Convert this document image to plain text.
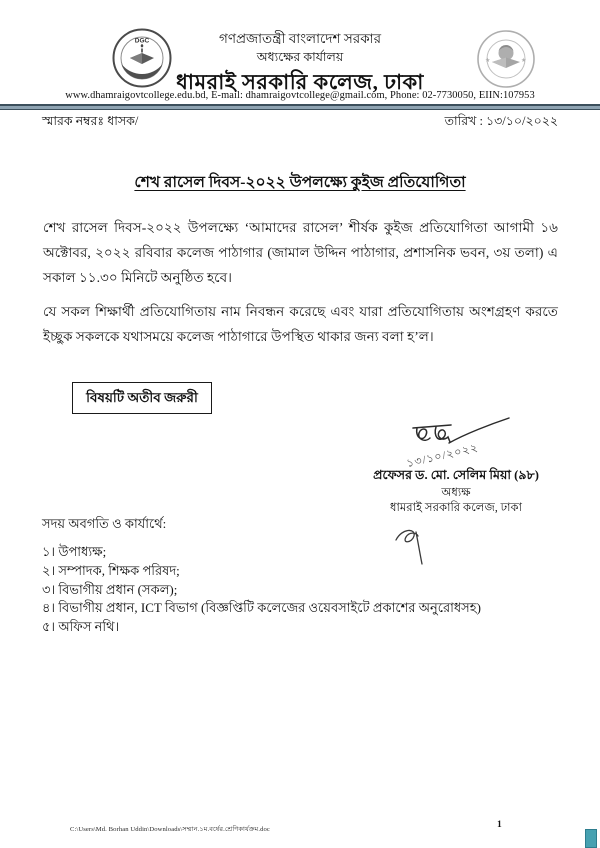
DGC
★	★
গণপ্রজাতন্ত্রী বাংলাদেশ সরকার
অধ্যক্ষের কার্যালয়
ধামরাই সরকারি কলেজ, ঢাকা
www.dhamraigovtcollege.edu.bd, E-mail: dhamraigovtcollege@gmail.com, Phone: 02-7730050, EIIN:107953
স্মারক নম্বরঃ ধাসক/	তারিখ : ১৩/১০/২০২২
শেখ রাসেল দিবস-২০২২ উপলক্ষ্যে কুইজ প্রতিযোগিতা
শেখ রাসেল দিবস-২০২২ উপলক্ষ্যে ‘আমাদের রাসেল’ শীর্ষক কুইজ প্রতিযোগিতা আগামী ১৬ অক্টোবর, ২০২২ রবিবার কলেজ পাঠাগার (জামাল উদ্দিন পাঠাগার, প্রশাসনিক ভবন, ৩য় তলা) এ সকাল ১১.৩০ মিনিটে অনুষ্ঠিত হবে।
যে সকল শিক্ষার্থী প্রতিযোগিতায় নাম নিবন্ধন করেছে এবং যারা প্রতিযোগিতায় অংশগ্রহণ করতে ইচ্ছুক সকলকে যথাসময়ে কলেজ পাঠাগারে উপস্থিত থাকার জন্য বলা হ’ল।
বিষয়টি অতীব জরুরী
১৩/১০/২০২২
প্রফেসর ড. মো. সেলিম মিয়া (৯৮)
অধ্যক্ষ
ধামরাই সরকারি কলেজ, ঢাকা
সদয় অবগতি ও কার্যার্থে:
১। উপাধ্যক্ষ;
২। সম্পাদক, শিক্ষক পরিষদ;
৩। বিভাগীয় প্রধান (সকল);
৪। বিভাগীয় প্রধান, ICT বিভাগ (বিজ্ঞপ্তিটি কলেজের ওয়েবসাইটে প্রকাশের অনুরোধসহ)
৫। অফিস নথি।
C:\Users\Md. Borhan Uddin\Downloads\সম্মান.১ম.বর্ষের.শ্রেণিকার্যক্রম.doc	1
